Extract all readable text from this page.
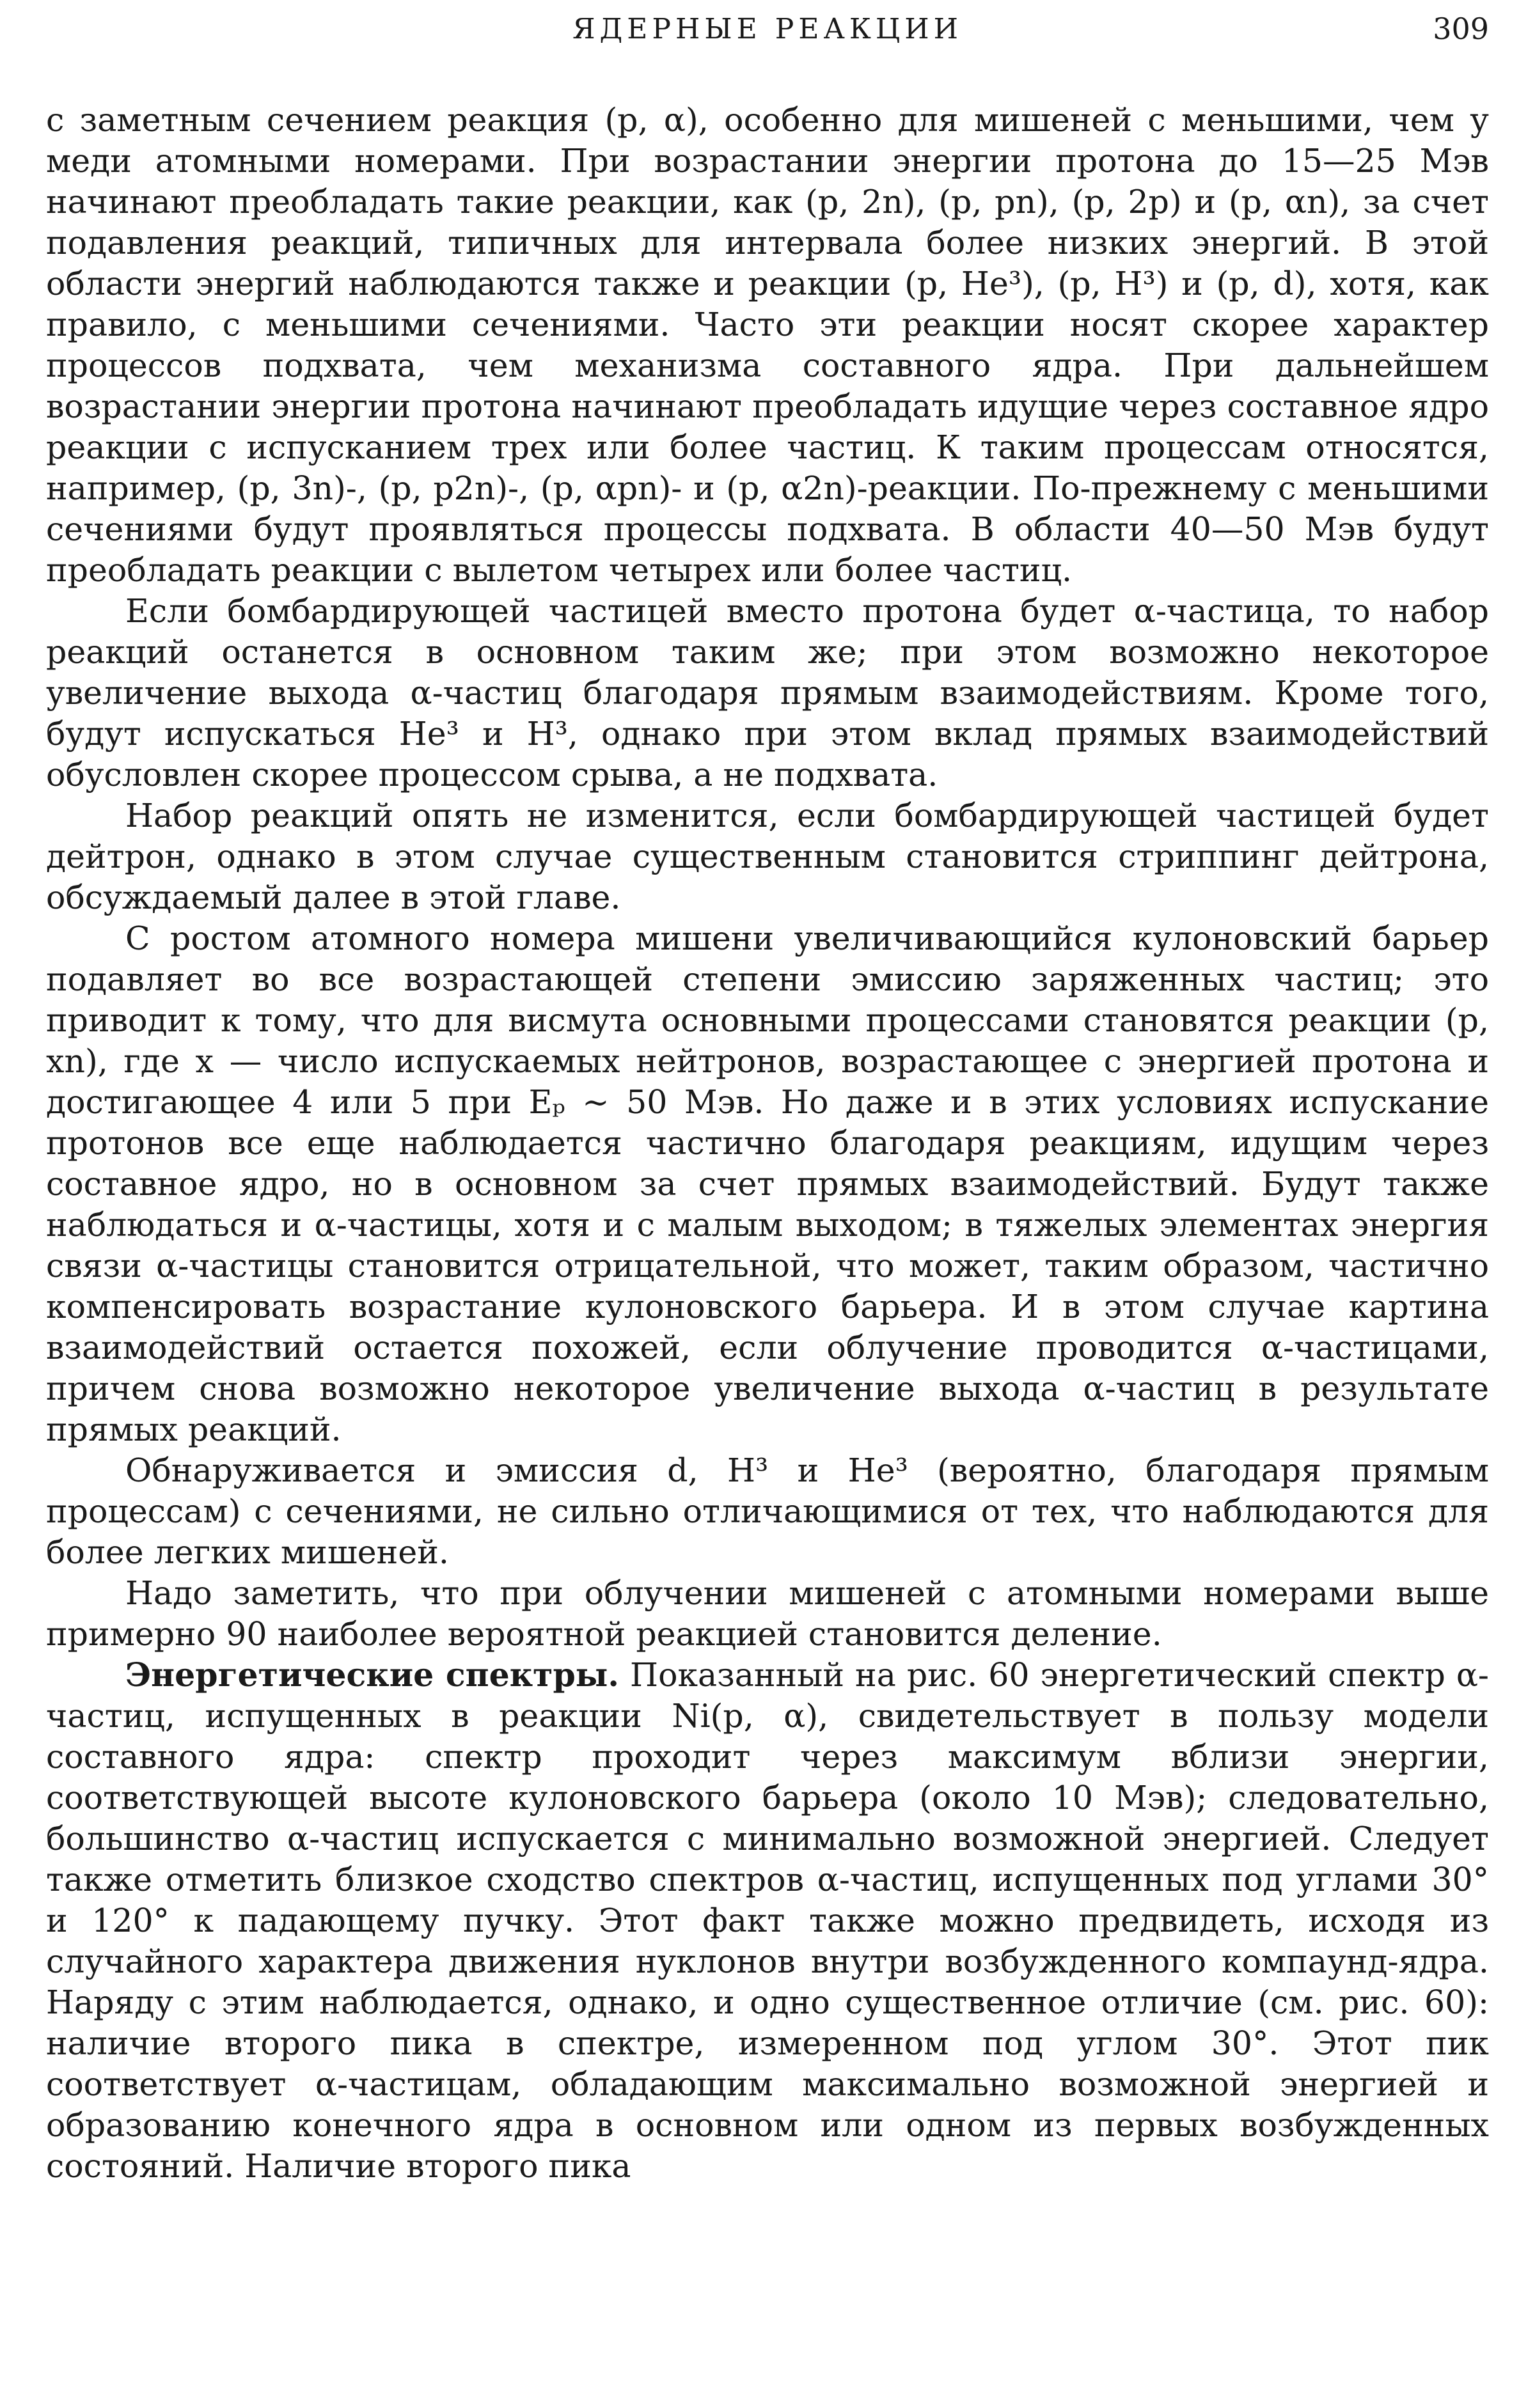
ЯДЕРНЫЕ РЕАКЦИИ	309

с заметным сечением реакция (p, α), особенно для мишеней с меньшими, чем у меди атомными номерами. При возрастании энергии протона до 15—25 Мэв начинают преобладать такие реакции, как (p, 2n), (p, pn), (p, 2p) и (p, αn), за счет подавления реакций, типичных для интервала более низких энергий. В этой области энергий наблюдаются также и реакции (p, He³), (p, H³) и (p, d), хотя, как правило, с меньшими сечениями. Часто эти реакции носят скорее характер процессов подхвата, чем механизма составного ядра. При дальнейшем возрастании энергии протона начинают преобладать идущие через составное ядро реакции с испусканием трех или более частиц. К таким процессам относятся, например, (p, 3n)-, (p, p2n)-, (p, αpn)- и (p, α2n)-реакции. По-прежнему с меньшими сечениями будут проявляться процессы подхвата. В области 40—50 Мэв будут преобладать реакции с вылетом четырех или более частиц.

Если бомбардирующей частицей вместо протона будет α-частица, то набор реакций останется в основном таким же; при этом возможно некоторое увеличение выхода α-частиц благодаря прямым взаимодействиям. Кроме того, будут испускаться He³ и H³, однако при этом вклад прямых взаимодействий обусловлен скорее процессом срыва, а не подхвата.

Набор реакций опять не изменится, если бомбардирующей частицей будет дейтрон, однако в этом случае существенным становится стриппинг дейтрона, обсуждаемый далее в этой главе.

С ростом атомного номера мишени увеличивающийся кулоновский барьер подавляет во все возрастающей степени эмиссию заряженных частиц; это приводит к тому, что для висмута основными процессами становятся реакции (p, xn), где x — число испускаемых нейтронов, возрастающее с энергией протона и достигающее 4 или 5 при Eₚ ∼ 50 Мэв. Но даже и в этих условиях испускание протонов все еще наблюдается частично благодаря реакциям, идущим через составное ядро, но в основном за счет прямых взаимодействий. Будут также наблюдаться и α-частицы, хотя и с малым выходом; в тяжелых элементах энергия связи α-частицы становится отрицательной, что может, таким образом, частично компенсировать возрастание кулоновского барьера. И в этом случае картина взаимодействий остается похожей, если облучение проводится α-частицами, причем снова возможно некоторое увеличение выхода α-частиц в результате прямых реакций.

Обнаруживается и эмиссия d, H³ и He³ (вероятно, благодаря прямым процессам) с сечениями, не сильно отличающимися от тех, что наблюдаются для более легких мишеней.

Надо заметить, что при облучении мишеней с атомными номерами выше примерно 90 наиболее вероятной реакцией становится деление.

Энергетические спектры. Показанный на рис. 60 энергетический спектр α-частиц, испущенных в реакции Ni(p, α), свидетельствует в пользу модели составного ядра: спектр проходит через максимум вблизи энергии, соответствующей высоте кулоновского барьера (около 10 Мэв); следовательно, большинство α-частиц испускается с минимально возможной энергией. Следует также отметить близкое сходство спектров α-частиц, испущенных под углами 30° и 120° к падающему пучку. Этот факт также можно предвидеть, исходя из случайного характера движения нуклонов внутри возбужденного компаунд-ядра. Наряду с этим наблюдается, однако, и одно существенное отличие (см. рис. 60): наличие второго пика в спектре, измеренном под углом 30°. Этот пик соответствует α-частицам, обладающим максимально возможной энергией и образованию конечного ядра в основном или одном из первых возбужденных состояний. Наличие второго пика
